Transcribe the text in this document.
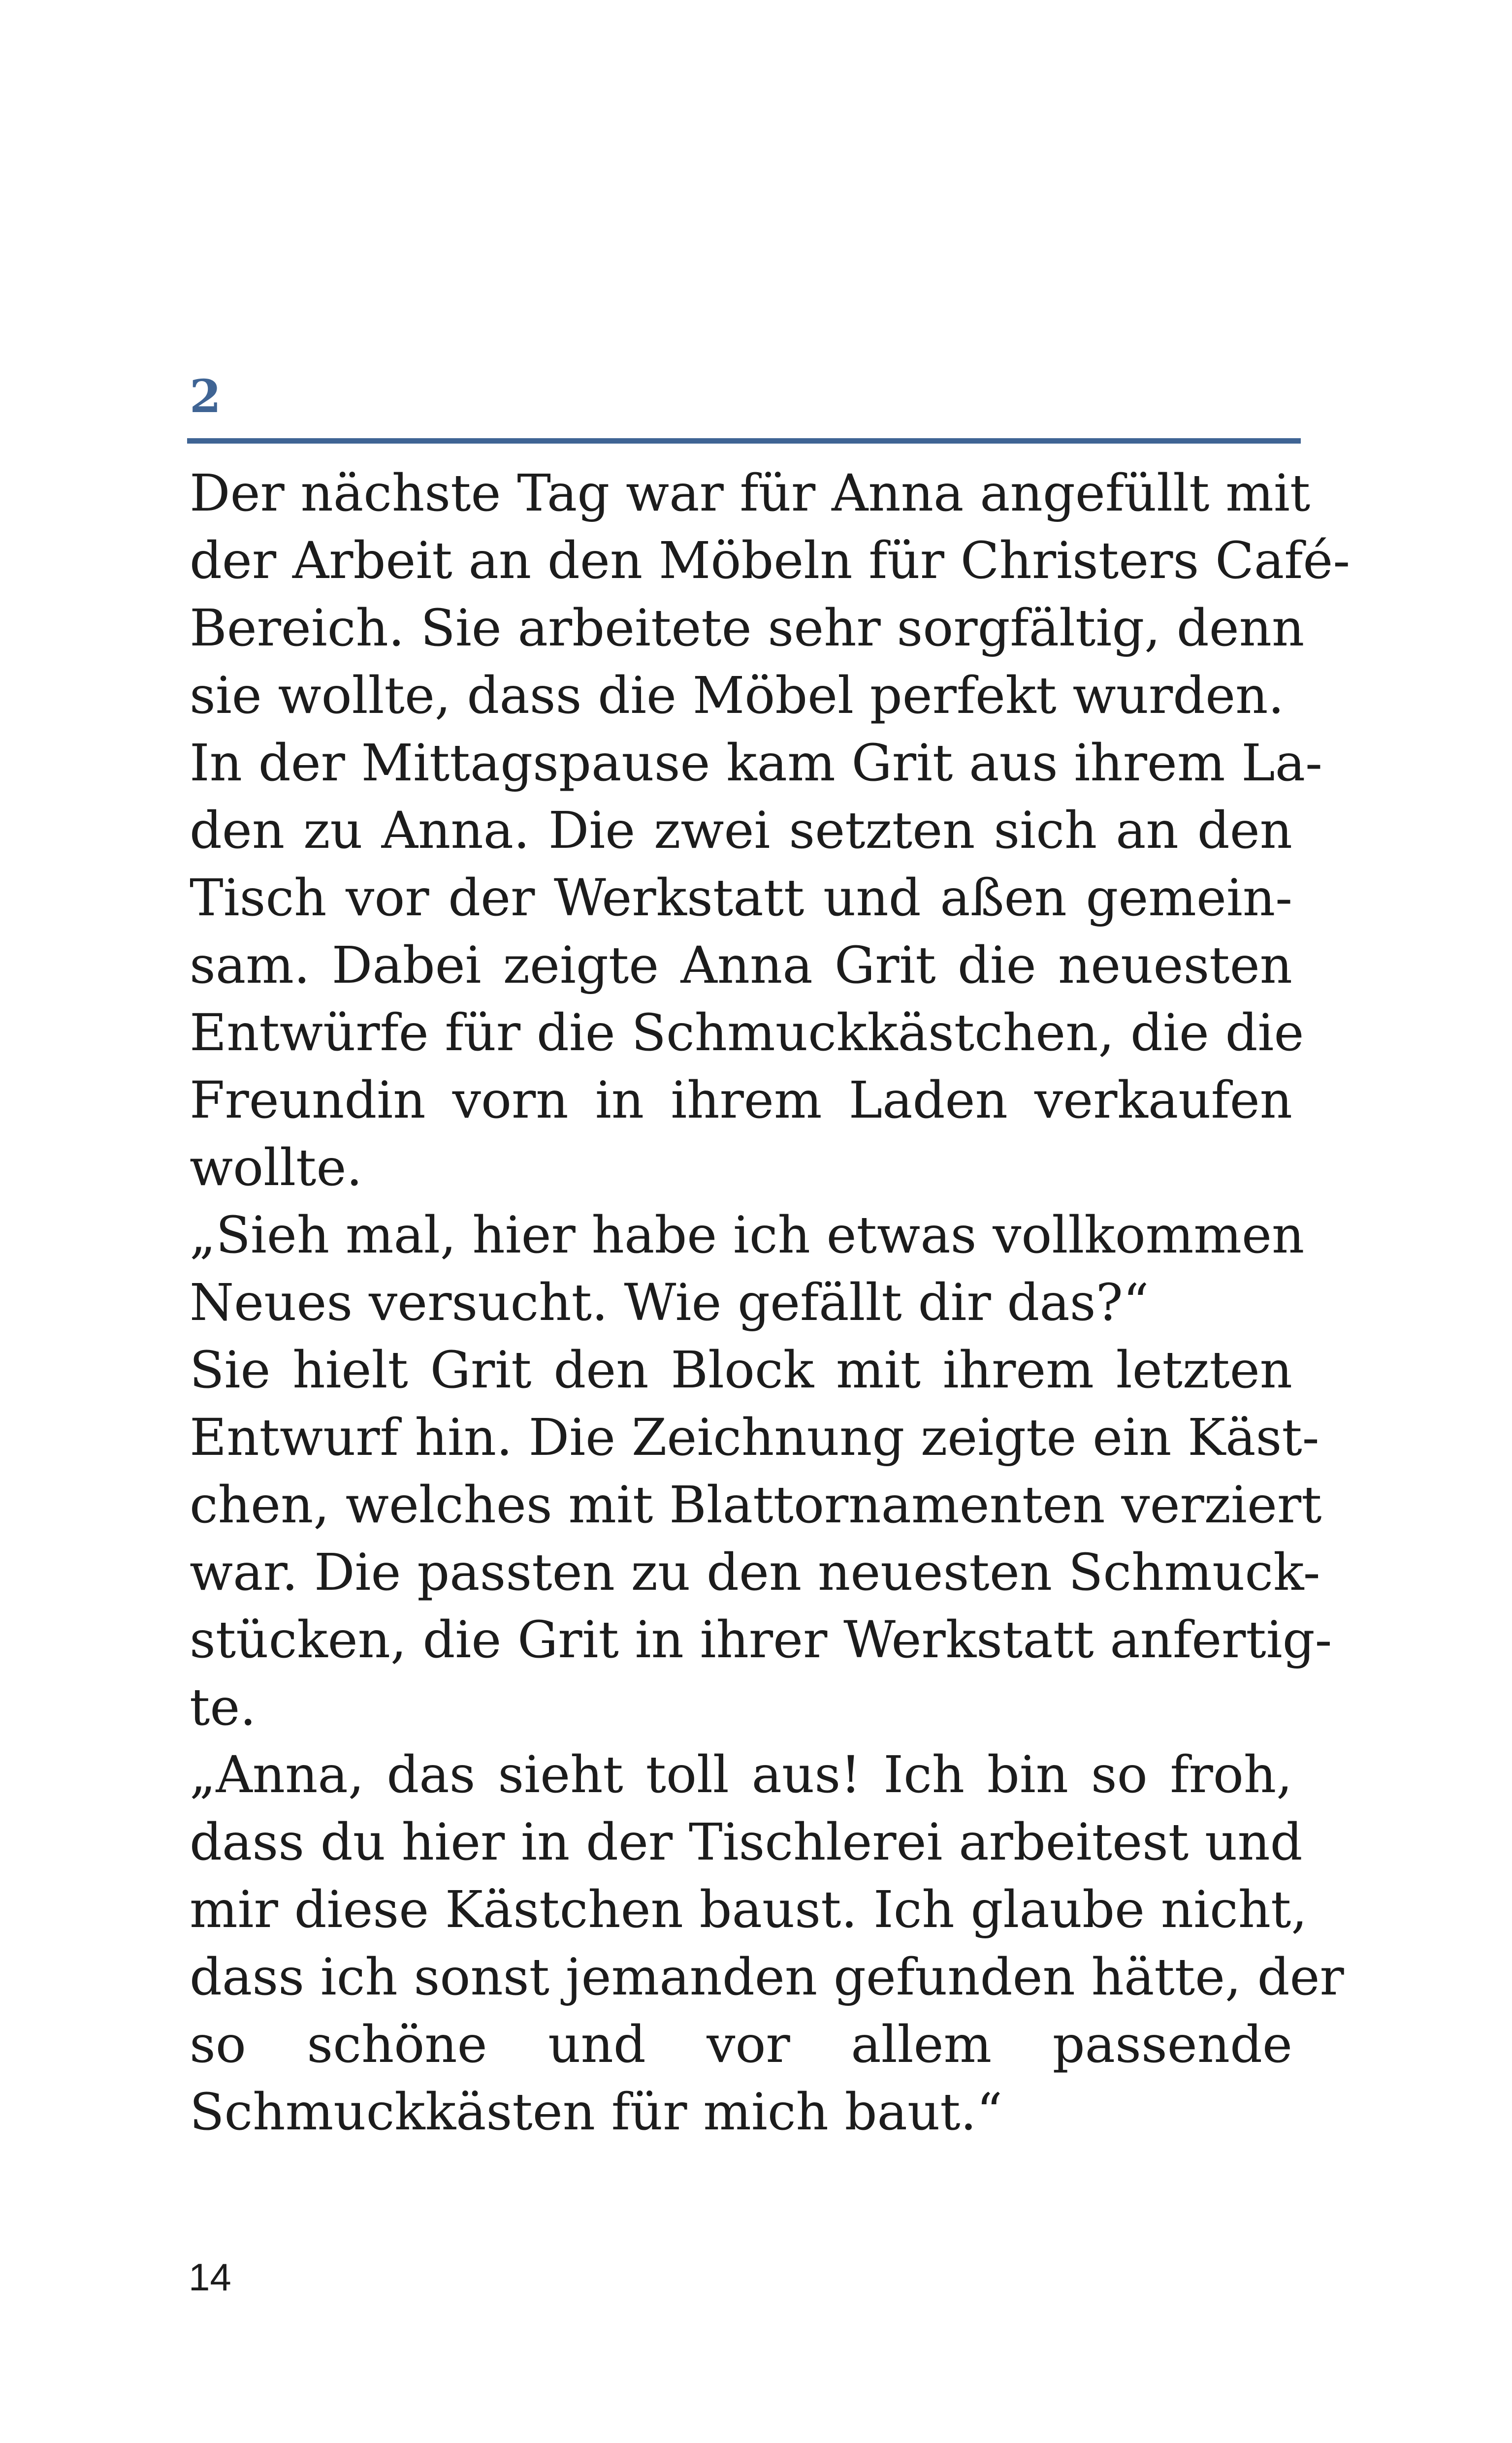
2
Der nächste Tag war für Anna angefüllt mit
der Arbeit an den Möbeln für Christers Café-
Bereich. Sie arbeitete sehr sorgfältig, denn
sie wollte, dass die Möbel perfekt wurden.
In der Mittagspause kam Grit aus ihrem La-
den zu Anna. Die zwei setzten sich an den
Tisch vor der Werkstatt und aßen gemein-
sam. Dabei zeigte Anna Grit die neuesten
Entwürfe für die Schmuckkästchen, die die
Freundin vorn in ihrem Laden verkaufen
wollte.
„Sieh mal, hier habe ich etwas vollkommen
Neues versucht. Wie gefällt dir das?“
Sie hielt Grit den Block mit ihrem letzten
Entwurf hin. Die Zeichnung zeigte ein Käst-
chen, welches mit Blattornamenten verziert
war. Die passten zu den neuesten Schmuck-
stücken, die Grit in ihrer Werkstatt anfertig-
te.
„Anna, das sieht toll aus! Ich bin so froh,
dass du hier in der Tischlerei arbeitest und
mir diese Kästchen baust. Ich glaube nicht,
dass ich sonst jemanden gefunden hätte, der
so schöne und vor allem passende
Schmuckkästen für mich baut.“

14
